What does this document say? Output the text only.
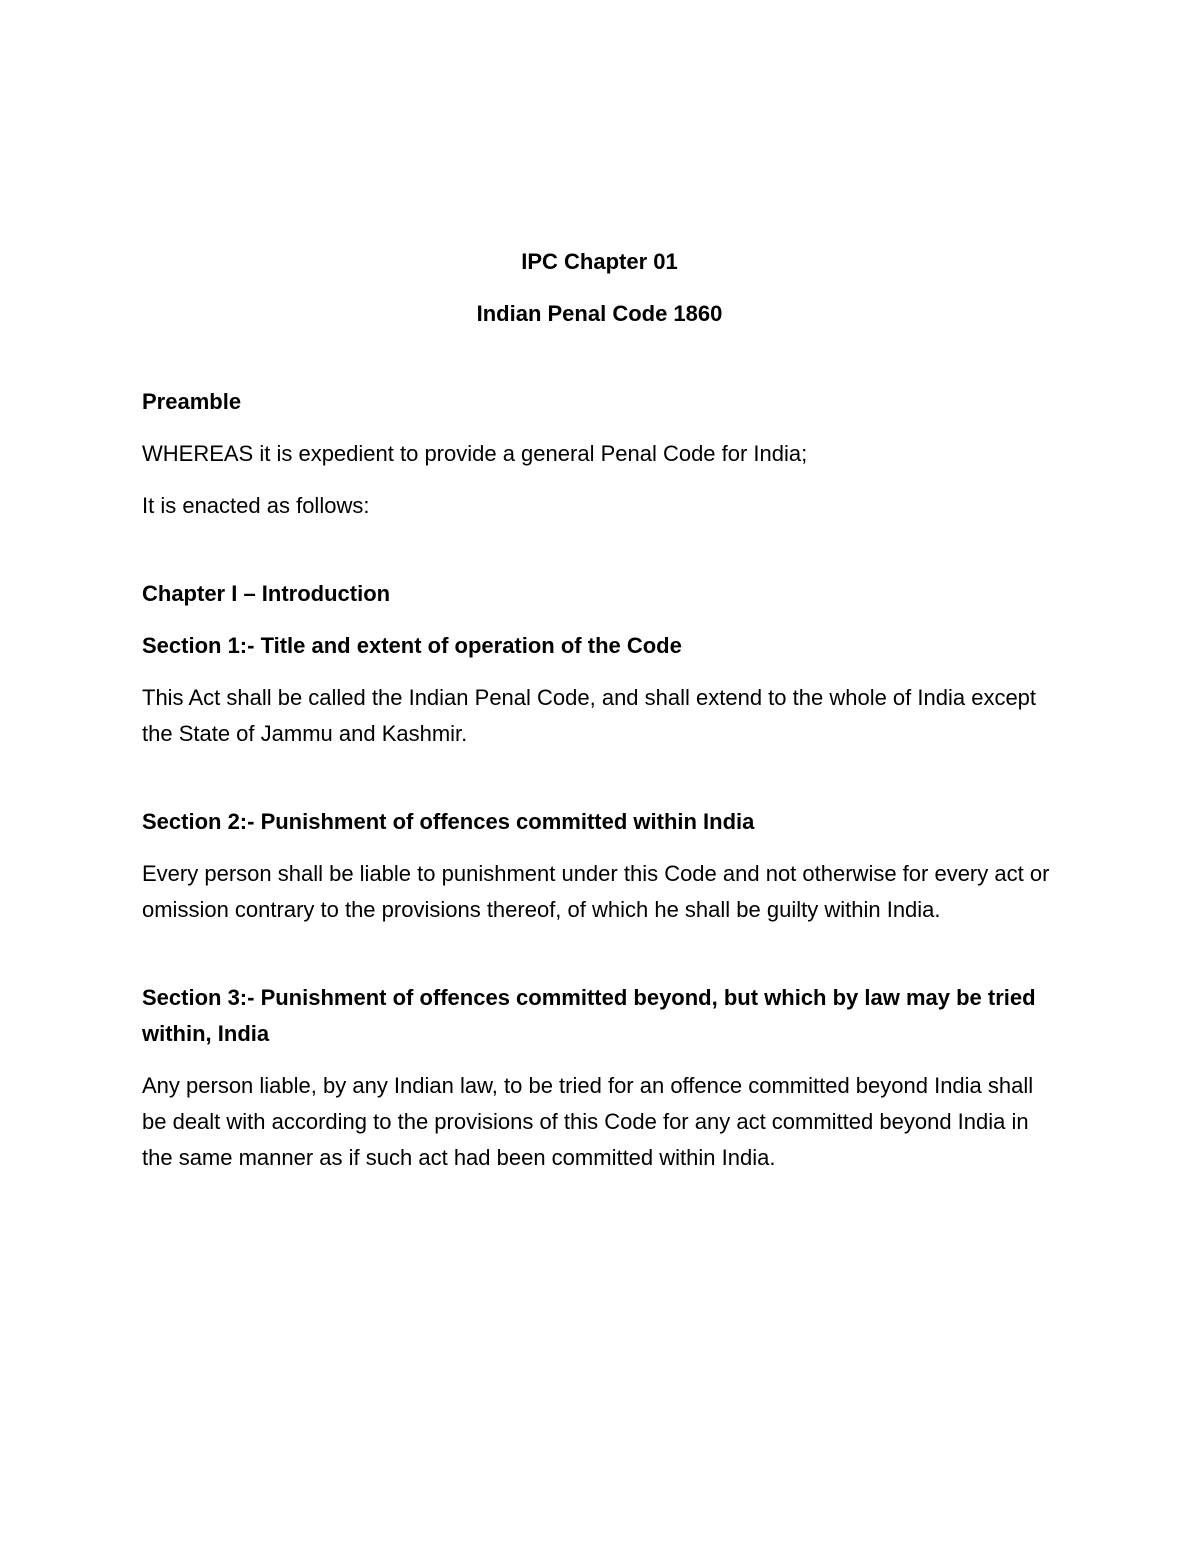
IPC Chapter 01

Indian Penal Code 1860

Preamble

WHEREAS it is expedient to provide a general Penal Code for India;

It is enacted as follows:

Chapter I – Introduction

Section 1:- Title and extent of operation of the Code

This Act shall be called the Indian Penal Code, and shall extend to the whole of India except the State of Jammu and Kashmir.

Section 2:- Punishment of offences committed within India

Every person shall be liable to punishment under this Code and not otherwise for every act or omission contrary to the provisions thereof, of which he shall be guilty within India.

Section 3:- Punishment of offences committed beyond, but which by law may be tried within, India

Any person liable, by any Indian law, to be tried for an offence committed beyond India shall be dealt with according to the provisions of this Code for any act committed beyond India in the same manner as if such act had been committed within India.
